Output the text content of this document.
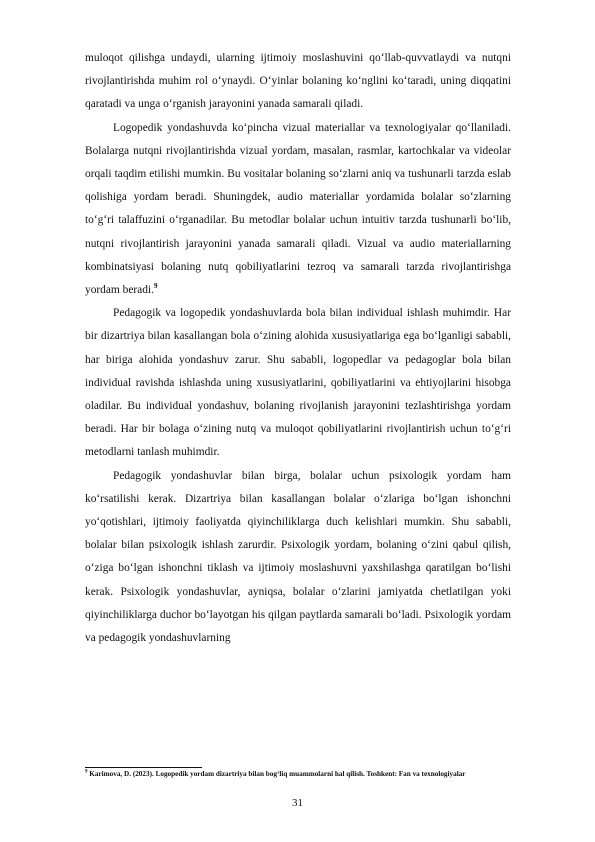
muloqot qilishga undaydi, ularning ijtimoiy moslashuvini qo‘llab-quvvatlaydi va nutqni rivojlantirishda muhim rol o‘ynaydi. O‘yinlar bolaning ko‘nglini ko‘taradi, uning diqqatini qaratadi va unga o‘rganish jarayonini yanada samarali qiladi.

Logopedik yondashuvda ko‘pincha vizual materiallar va texnologiyalar qo‘llaniladi. Bolalarga nutqni rivojlantirishda vizual yordam, masalan, rasmlar, kartochkalar va videolar orqali taqdim etilishi mumkin. Bu vositalar bolaning so‘zlarni aniq va tushunarli tarzda eslab qolishiga yordam beradi. Shuningdek, audio materiallar yordamida bolalar so‘zlarning to‘g‘ri talaffuzini o‘rganadilar. Bu metodlar bolalar uchun intuitiv tarzda tushunarli bo‘lib, nutqni rivojlantirish jarayonini yanada samarali qiladi. Vizual va audio materiallarning kombinatsiyasi bolaning nutq qobiliyatlarini tezroq va samarali tarzda rivojlantirishga yordam beradi.$^9$

Pedagogik va logopedik yondashuvlarda bola bilan individual ishlash muhimdir. Har bir dizartriya bilan kasallangan bola o‘zining alohida xususiyatlariga ega bo‘lganligi sababli, har biriga alohida yondashuv zarur. Shu sababli, logopedlar va pedagoglar bola bilan individual ravishda ishlashda uning xususiyatlarini, qobiliyatlarini va ehtiyojlarini hisobga oladilar. Bu individual yondashuv, bolaning rivojlanish jarayonini tezlashtirishga yordam beradi. Har bir bolaga o‘zining nutq va muloqot qobiliyatlarini rivojlantirish uchun to‘g‘ri metodlarni tanlash muhimdir.

Pedagogik yondashuvlar bilan birga, bolalar uchun psixologik yordam ham ko‘rsatilishi kerak. Dizartriya bilan kasallangan bolalar o‘zlariga bo‘lgan ishonchni yo‘qotishlari, ijtimoiy faoliyatda qiyinchiliklarga duch kelishlari mumkin. Shu sababli, bolalar bilan psixologik ishlash zarurdir. Psixologik yordam, bolaning o‘zini qabul qilish, o‘ziga bo‘lgan ishonchni tiklash va ijtimoiy moslashuvni yaxshilashga qaratilgan bo‘lishi kerak. Psixologik yondashuvlar, ayniqsa, bolalar o‘zlarini jamiyatda chetlatilgan yoki qiyinchiliklarga duchor bo‘layotgan his qilgan paytlarda samarali bo‘ladi. Psixologik yordam va pedagogik yondashuvlarning

$^9$ Karimova, D. (2023). Logopedik yordam dizartriya bilan bog‘liq muammolarni hal qilish. Toshkent: Fan va texnologiyalar
31
